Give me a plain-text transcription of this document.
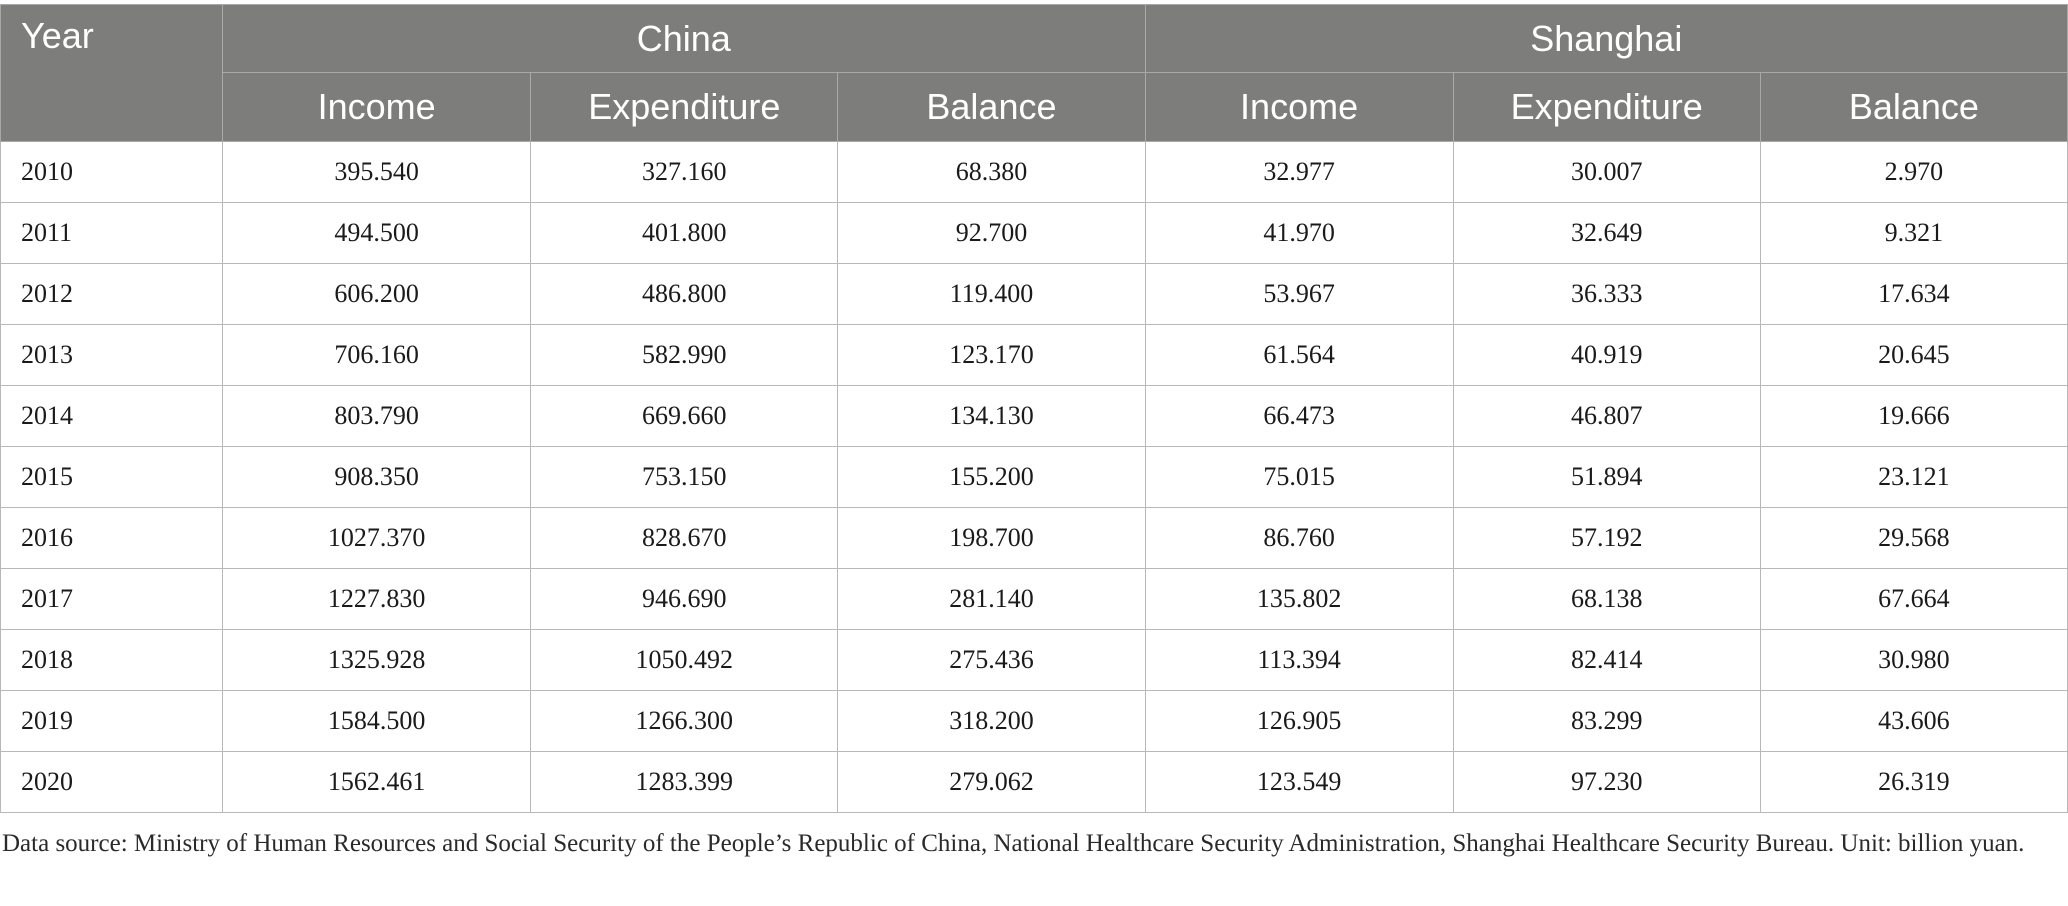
Year	China			Shanghai		
	Income	Expenditure	Balance	Income	Expenditure	Balance
2010	395.540	327.160	68.380	32.977	30.007	2.970
2011	494.500	401.800	92.700	41.970	32.649	9.321
2012	606.200	486.800	119.400	53.967	36.333	17.634
2013	706.160	582.990	123.170	61.564	40.919	20.645
2014	803.790	669.660	134.130	66.473	46.807	19.666
2015	908.350	753.150	155.200	75.015	51.894	23.121
2016	1027.370	828.670	198.700	86.760	57.192	29.568
2017	1227.830	946.690	281.140	135.802	68.138	67.664
2018	1325.928	1050.492	275.436	113.394	82.414	30.980
2019	1584.500	1266.300	318.200	126.905	83.299	43.606
2020	1562.461	1283.399	279.062	123.549	97.230	26.319
Data source: Ministry of Human Resources and Social Security of the People’s Republic of China, National Healthcare Security Administration, Shanghai Healthcare Security Bureau. Unit: billion yuan.
